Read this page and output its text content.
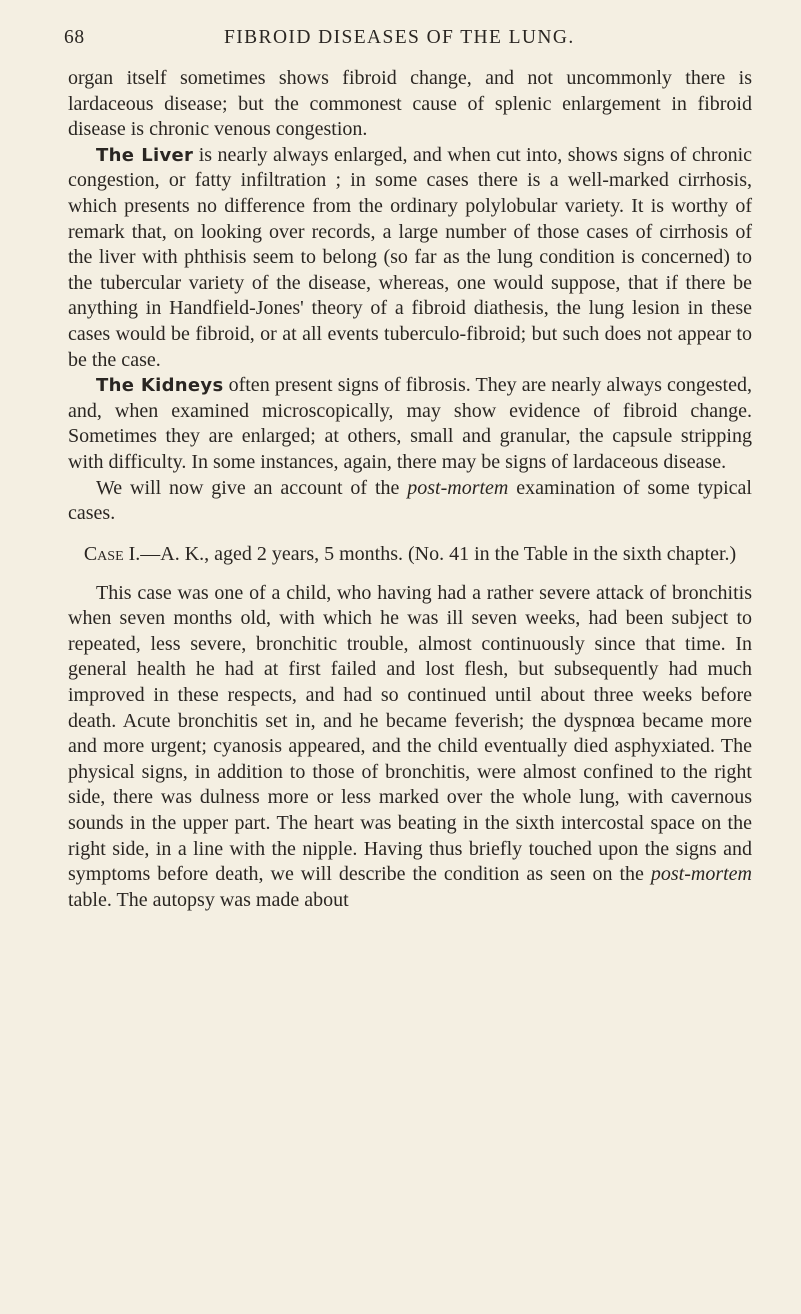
68	FIBROID DISEASES OF THE LUNG.

organ itself sometimes shows fibroid change, and not uncommonly there is lardaceous disease; but the commonest cause of splenic enlargement in fibroid disease is chronic venous congestion.

The Liver is nearly always enlarged, and when cut into, shows signs of chronic congestion, or fatty infiltration ; in some cases there is a well-marked cirrhosis, which presents no difference from the ordinary polylobular variety. It is worthy of remark that, on looking over records, a large number of those cases of cirrhosis of the liver with phthisis seem to belong (so far as the lung condition is concerned) to the tubercular variety of the disease, whereas, one would suppose, that if there be anything in Handfield-Jones' theory of a fibroid diathesis, the lung lesion in these cases would be fibroid, or at all events tuberculo-fibroid; but such does not appear to be the case.

The Kidneys often present signs of fibrosis. They are nearly always congested, and, when examined microscopically, may show evidence of fibroid change. Sometimes they are enlarged; at others, small and granular, the capsule stripping with difficulty. In some instances, again, there may be signs of lardaceous disease.

We will now give an account of the post-mortem examination of some typical cases.

Case I.—A. K., aged 2 years, 5 months. (No. 41 in the Table in the sixth chapter.)

This case was one of a child, who having had a rather severe attack of bronchitis when seven months old, with which he was ill seven weeks, had been subject to repeated, less severe, bronchitic trouble, almost continuously since that time. In general health he had at first failed and lost flesh, but subsequently had much improved in these respects, and had so continued until about three weeks before death. Acute bronchitis set in, and he became feverish; the dyspnœa became more and more urgent; cyanosis appeared, and the child eventually died asphyxiated. The physical signs, in addition to those of bronchitis, were almost confined to the right side, there was dulness more or less marked over the whole lung, with cavernous sounds in the upper part. The heart was beating in the sixth intercostal space on the right side, in a line with the nipple. Having thus briefly touched upon the signs and symptoms before death, we will describe the condition as seen on the post-mortem table. The autopsy was made about
